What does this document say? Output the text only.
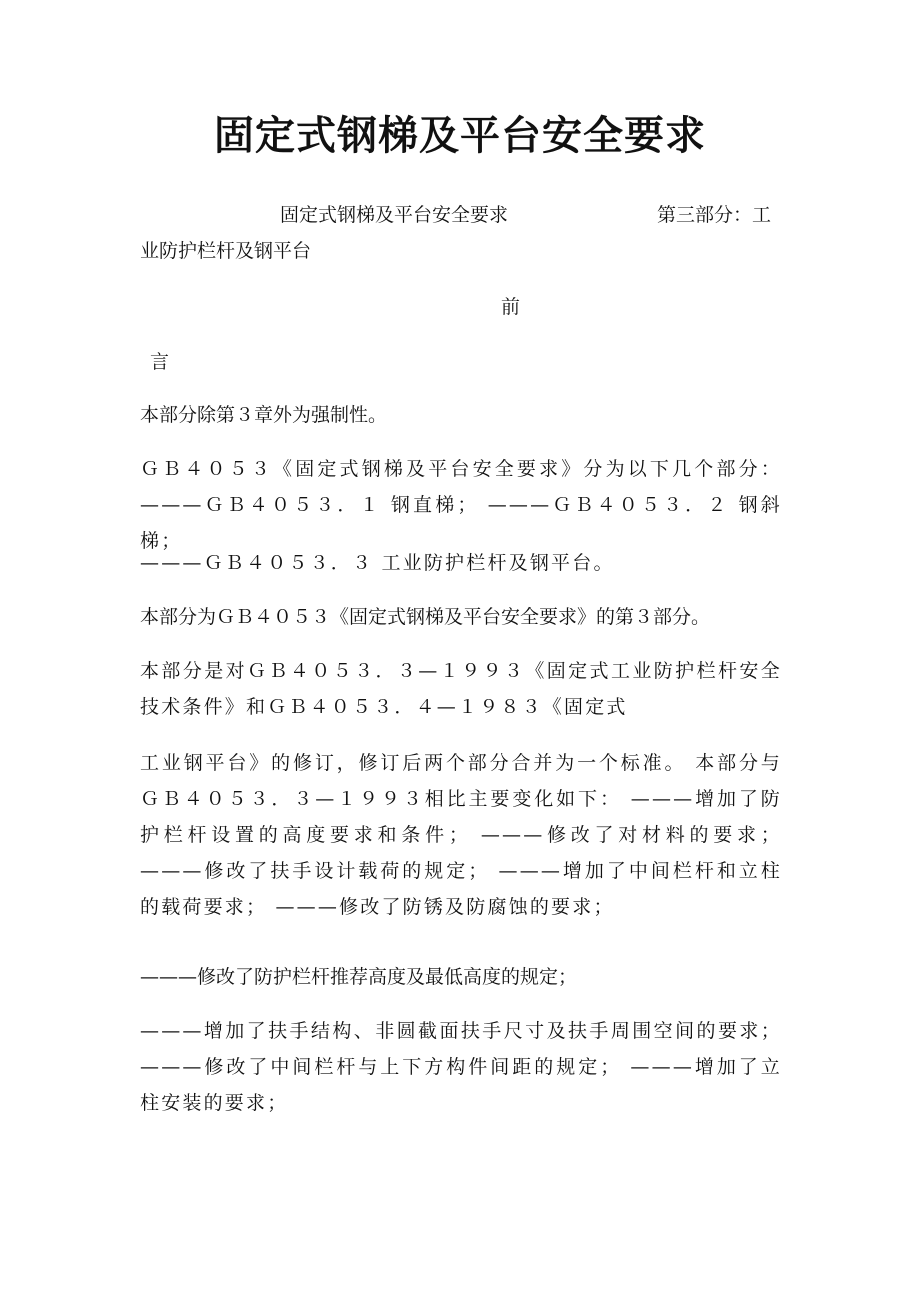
固定式钢梯及平台安全要求
固定式钢梯及平台安全要求	第三部分：工
业防护栏杆及钢平台
前
言
本部分除第３章外为强制性。
ＧＢ４０５３《固定式钢梯及平台安全要求》分为以下几个部分： ———ＧＢ４０５３．１ 钢直梯； ———ＧＢ４０５３．２ 钢斜梯；
———ＧＢ４０５３．３ 工业防护栏杆及钢平台。
本部分为ＧＢ４０５３《固定式钢梯及平台安全要求》的第３部分。
本部分是对ＧＢ４０５３．３—１９９３《固定式工业防护栏杆安全技术条件》和ＧＢ４０５３．４—１９８３《固定式
工业钢平台》的修订，修订后两个部分合并为一个标准。 本部分与ＧＢ４０５３．３—１９９３相比主要变化如下： ———增加了防护栏杆设置的高度要求和条件； ———修改了对材料的要求； ———修改了扶手设计载荷的规定； ———增加了中间栏杆和立柱的载荷要求； ———修改了防锈及防腐蚀的要求；
———修改了防护栏杆推荐高度及最低高度的规定；
———增加了扶手结构、非圆截面扶手尺寸及扶手周围空间的要求； ———修改了中间栏杆与上下方构件间距的规定； ———增加了立柱安装的要求；
